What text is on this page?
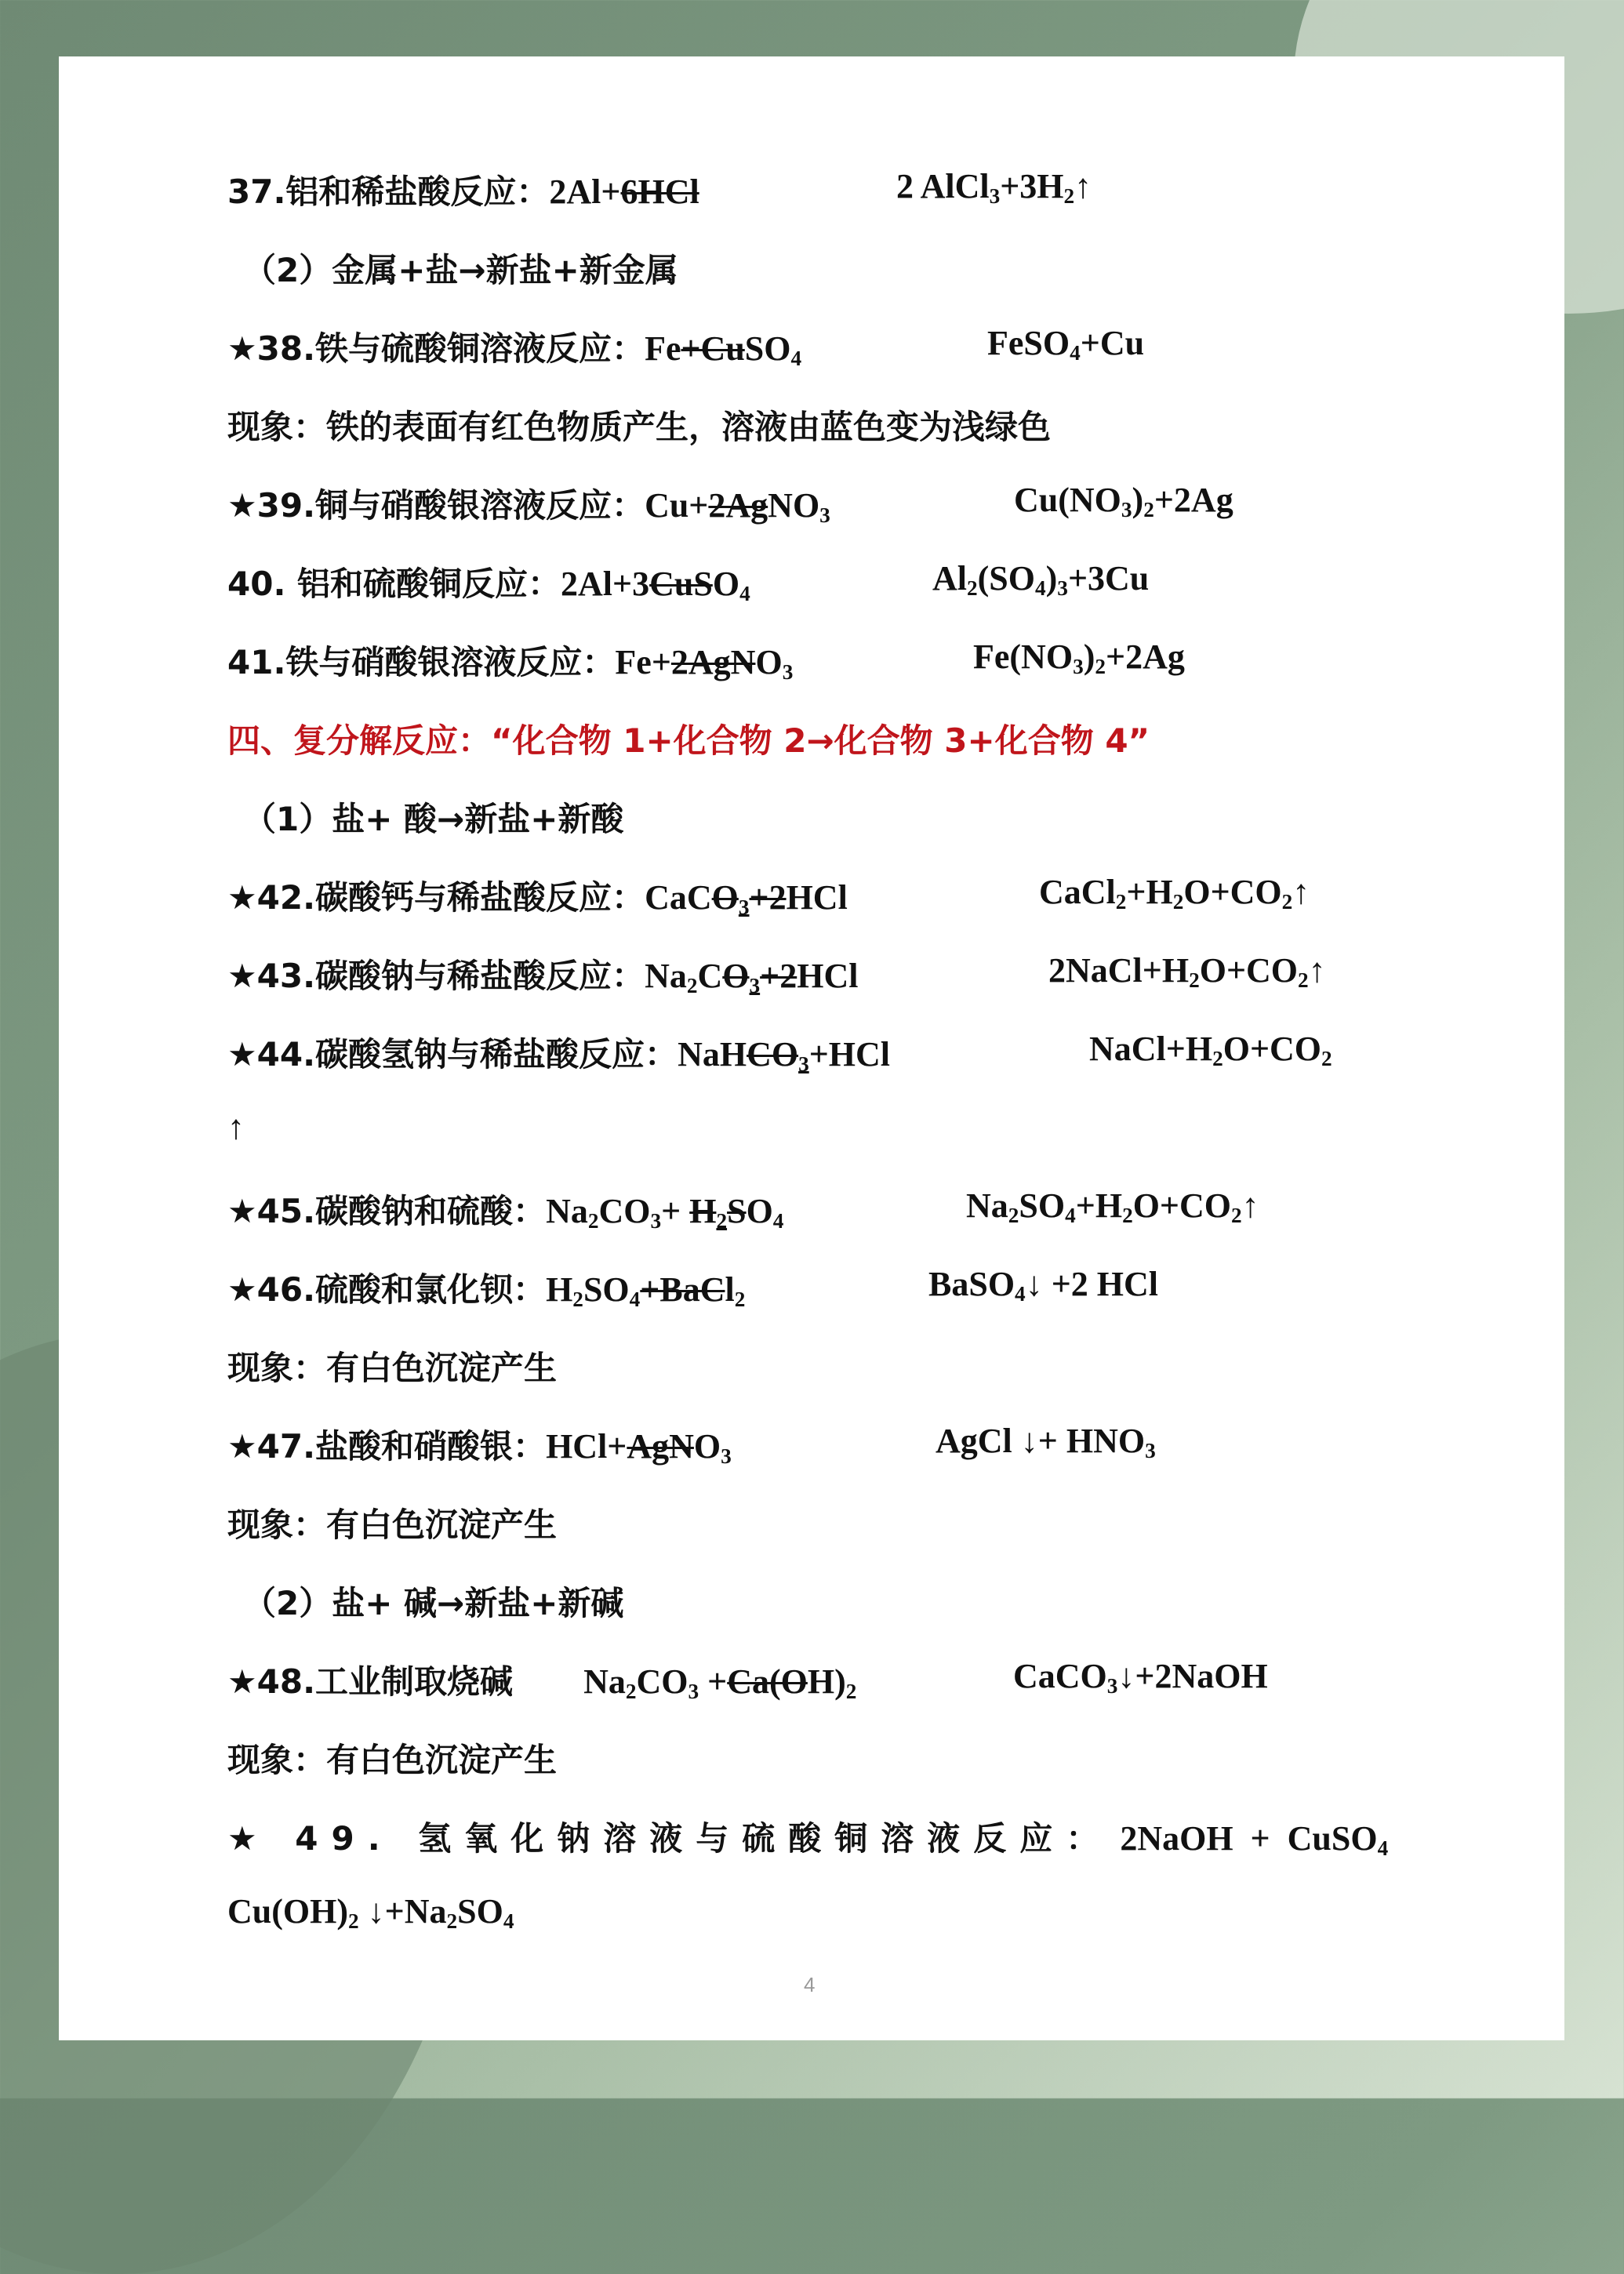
37.铝和稀盐酸反应：2Al+6HCl	2 $AlCl_3+3H_2↑$
（2）金属+盐→新盐+新金属
★38.铁与硫酸铜溶液反应：Fe+CuSO$_4$	FeSO$_4$+Cu
现象：铁的表面有红色物质产生，溶液由蓝色变为浅绿色
★39.铜与硝酸银溶液反应：Cu+2AgNO$_3$	$Cu(NO_3)_2+2Ag$
40. 铝和硫酸铜反应：2Al+3CuSO$_4$	$Al_2(SO_4)_3+3Cu$
41.铁与硝酸银溶液反应：Fe+2AgNO$_3$	$Fe(NO_3)_2+2Ag$
四、复分解反应：“化合物 1+化合物 2→化合物 3+化合物 4”
（1）盐+ 酸→新盐+新酸
★42.碳酸钙与稀盐酸反应：CaCO$_3$+2HCl	$CaCl_2+H_2O+CO_2↑$
★43.碳酸钠与稀盐酸反应：$Na_2CO_3+2HCl$	$2NaCl+H_2O+CO_2↑$
★44.碳酸氢钠与稀盐酸反应：NaHCO$_3$+HCl	$NaCl+H_2O+CO_2$
↑
★45.碳酸钠和硫酸：$Na_2CO_3+ H_2SO_4$	$Na_2SO_4+H_2O+CO_2↑$
★46.硫酸和氯化钡：$H_2SO_4+BaCl_2$	BaSO$_4$↓ +2 HCl
现象：有白色沉淀产生
★47.盐酸和硝酸银：HCl+AgNO$_3$	AgCl ↓+ $HNO_3$
现象：有白色沉淀产生
（2）盐+ 碱→新盐+新碱
★48.工业制取烧碱 $Na_2CO_3 +Ca(OH)_2$	CaCO$_3$↓+2NaOH
现象：有白色沉淀产生
★ 49. 氢氧化钠溶液与硫酸铜溶液反应： 2NaOH  +  CuSO$_4$
$Cu(OH)_2$ $↓+Na_2SO_4$
4
